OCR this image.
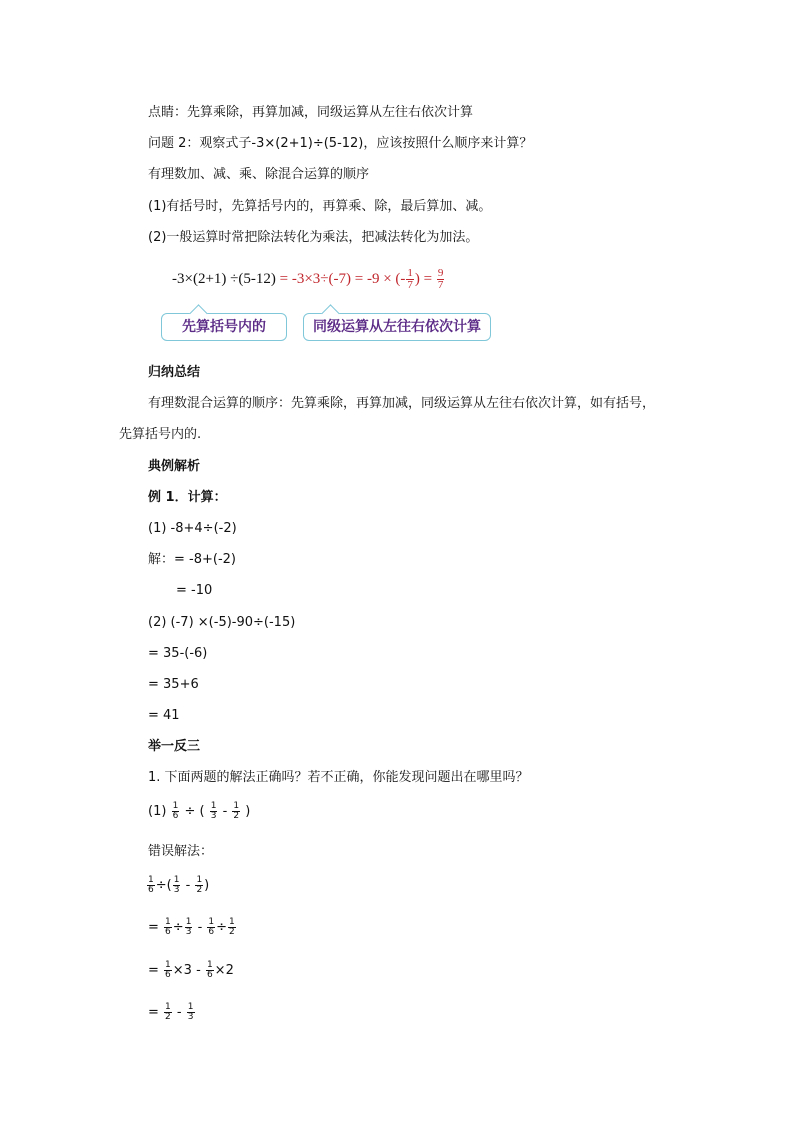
点睛：先算乘除，再算加减，同级运算从左往右依次计算
问题 2：观察式子-3×(2+1)÷(5-12)，应该按照什么顺序来计算？
有理数加、减、乘、除混合运算的顺序
(1)有括号时，先算括号内的，再算乘、除，最后算加、减。
(2)一般运算时常把除法转化为乘法，把减法转化为加法。
-3×(2+1) ÷(5-12) = -3×3÷(-7) = -9 × (- $\frac{1}{7}$ ) = $\frac{9}{7}$
先算括号内的	同级运算从左往右依次计算
归纳总结
有理数混合运算的顺序：先算乘除，再算加减，同级运算从左往右依次计算，如有括号，
先算括号内的.
典例解析
例 1．计算：
(1) -8+4÷(-2)
解：= -8+(-2)
= -10
(2) (-7) ×(-5)-90÷(-15)
= 35-(-6)
= 35+6
= 41
举一反三
1. 下面两题的解法正确吗？若不正确，你能发现问题出在哪里吗？
$(1) \frac{1}{6}$ ÷ ( $\frac{1}{3} - \frac{1}{2}$ )
错误解法：
$\frac{1}{6}$ ÷( $\frac{1}{3} - \frac{1}{2}$ )
= $\frac{1}{6} \div \frac{1}{3} - \frac{1}{6} \div \frac{1}{2}$
= $\frac{1}{6} \times 3 - \frac{1}{6} \times 2$
= $\frac{1}{2} - \frac{1}{3}$
